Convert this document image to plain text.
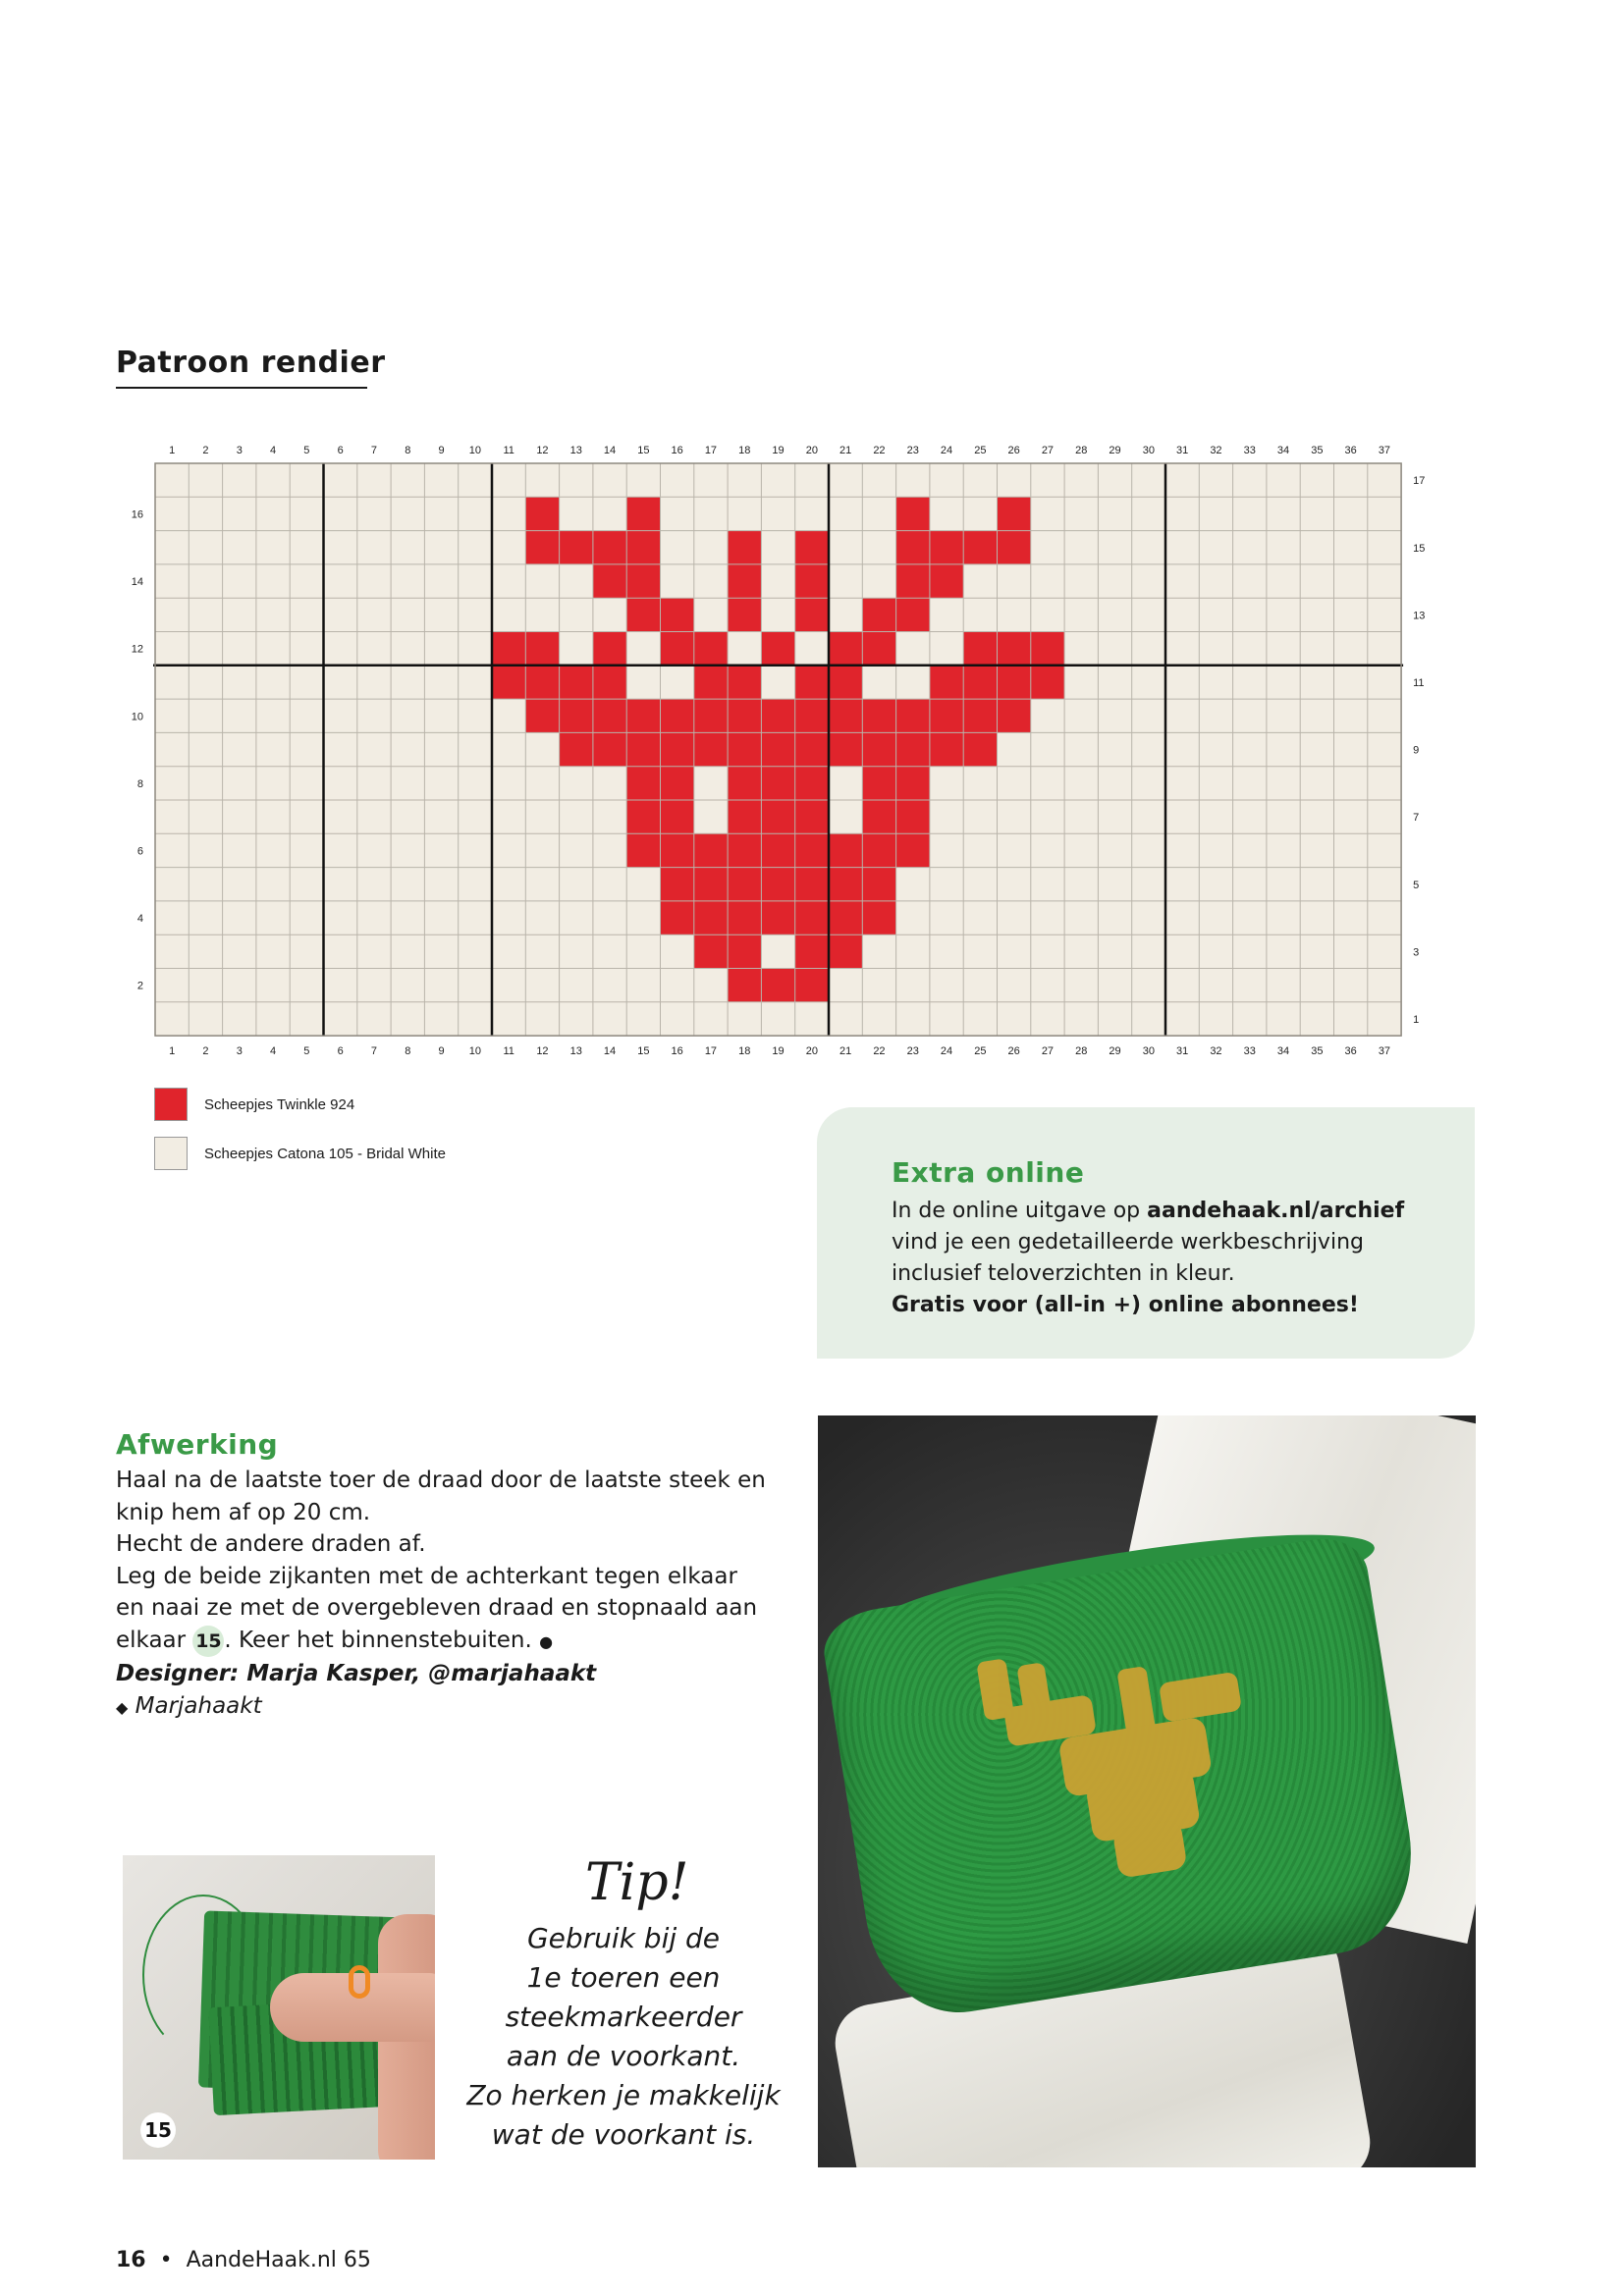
Patroon rendier
1
1
2
2
3
3
4
4
5
5
6
6
7
7
8
8
9
9
10
10
11
11
12
12
13
13
14
14
15
15
16
16
17
17
18
18
19
19
20
20
21
21
22
22
23
23
24
24
25
25
26
26
27
27
28
28
29
29
30
30
31
31
32
32
33
33
34
34
35
35
36
36
37
37
16
14
12
10
8
6
4
2
17
15
13
11
9
7
5
3
1
Scheepjes Twinkle 924
Scheepjes Catona 105 - Bridal White
Extra online
In de online uitgave op aandehaak.nl/archief
vind je een gedetailleerde werkbeschrijving
inclusief teloverzichten in kleur.
Gratis voor (all-in +) online abonnees!
Afwerking
Haal na de laatste toer de draad door de laatste steek en
knip hem af op 20 cm.
Hecht de andere draden af.
Leg de beide zijkanten met de achterkant tegen elkaar
en naai ze met de overgebleven draad en stopnaald aan
elkaar 15 . Keer het binnenstebuiten. ●
Designer: Marja Kasper, @marjahaakt
◆ Marjahaakt
15
Tip!
Gebruik bij de
1e toeren een
steekmarkeerder
aan de voorkant.
Zo herken je makkelijk
wat de voorkant is.
16 • AandeHaak.nl 65
